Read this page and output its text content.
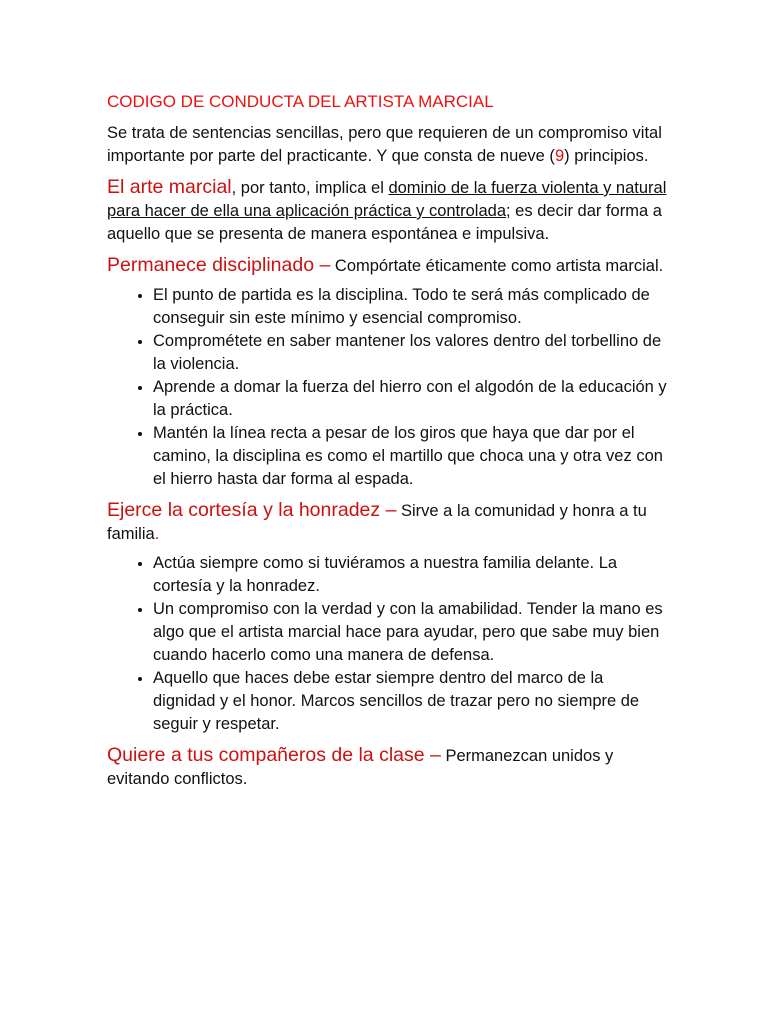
CODIGO DE CONDUCTA DEL ARTISTA MARCIAL

Se trata de sentencias sencillas, pero que requieren de un compromiso vital importante por parte del practicante. Y que consta de nueve (9) principios.

El arte marcial, por tanto, implica el dominio de la fuerza violenta y natural para hacer de ella una aplicación práctica y controlada; es decir dar forma a aquello que se presenta de manera espontánea e impulsiva.

Permanece disciplinado – Compórtate éticamente como artista marcial.

• El punto de partida es la disciplina. Todo te será más complicado de conseguir sin este mínimo y esencial compromiso.
• Comprométete en saber mantener los valores dentro del torbellino de la violencia.
• Aprende a domar la fuerza del hierro con el algodón de la educación y la práctica.
• Mantén la línea recta a pesar de los giros que haya que dar por el camino, la disciplina es como el martillo que choca una y otra vez con el hierro hasta dar forma al espada.

Ejerce la cortesía y la honradez – Sirve a la comunidad y honra a tu familia.

• Actúa siempre como si tuviéramos a nuestra familia delante. La cortesía y la honradez.
• Un compromiso con la verdad y con la amabilidad. Tender la mano es algo que el artista marcial hace para ayudar, pero que sabe muy bien cuando hacerlo como una manera de defensa.
• Aquello que haces debe estar siempre dentro del marco de la dignidad y el honor. Marcos sencillos de trazar pero no siempre de seguir y respetar.

Quiere a tus compañeros de la clase – Permanezcan unidos y evitando conflictos.
